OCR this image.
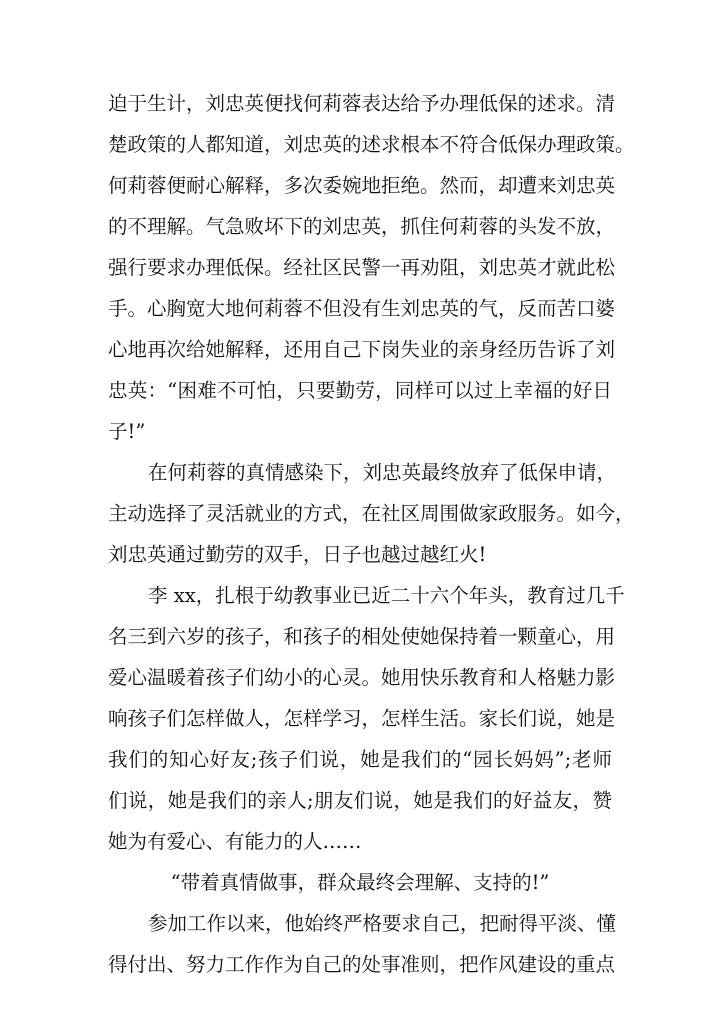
迫于生计，刘忠英便找何莉蓉表达给予办理低保的述求。清
楚政策的人都知道，刘忠英的述求根本不符合低保办理政策。
何莉蓉便耐心解释，多次委婉地拒绝。然而，却遭来刘忠英
的不理解。气急败坏下的刘忠英，抓住何莉蓉的头发不放，
强行要求办理低保。经社区民警一再劝阻，刘忠英才就此松
手。心胸宽大地何莉蓉不但没有生刘忠英的气，反而苦口婆
心地再次给她解释，还用自己下岗失业的亲身经历告诉了刘
忠英：“困难不可怕，只要勤劳，同样可以过上幸福的好日
子!”
在何莉蓉的真情感染下，刘忠英最终放弃了低保申请，
主动选择了灵活就业的方式，在社区周围做家政服务。如今，
刘忠英通过勤劳的双手，日子也越过越红火!
李 xx，扎根于幼教事业已近二十六个年头，教育过几千
名三到六岁的孩子，和孩子的相处使她保持着一颗童心，用
爱心温暖着孩子们幼小的心灵。她用快乐教育和人格魅力影
响孩子们怎样做人，怎样学习，怎样生活。家长们说，她是
我们的知心好友;孩子们说，她是我们的“园长妈妈”;老师
们说，她是我们的亲人;朋友们说，她是我们的好益友，赞
她为有爱心、有能力的人……
“带着真情做事，群众最终会理解、支持的!”
参加工作以来，他始终严格要求自己，把耐得平淡、懂
得付出、努力工作作为自己的处事准则，把作风建设的重点
